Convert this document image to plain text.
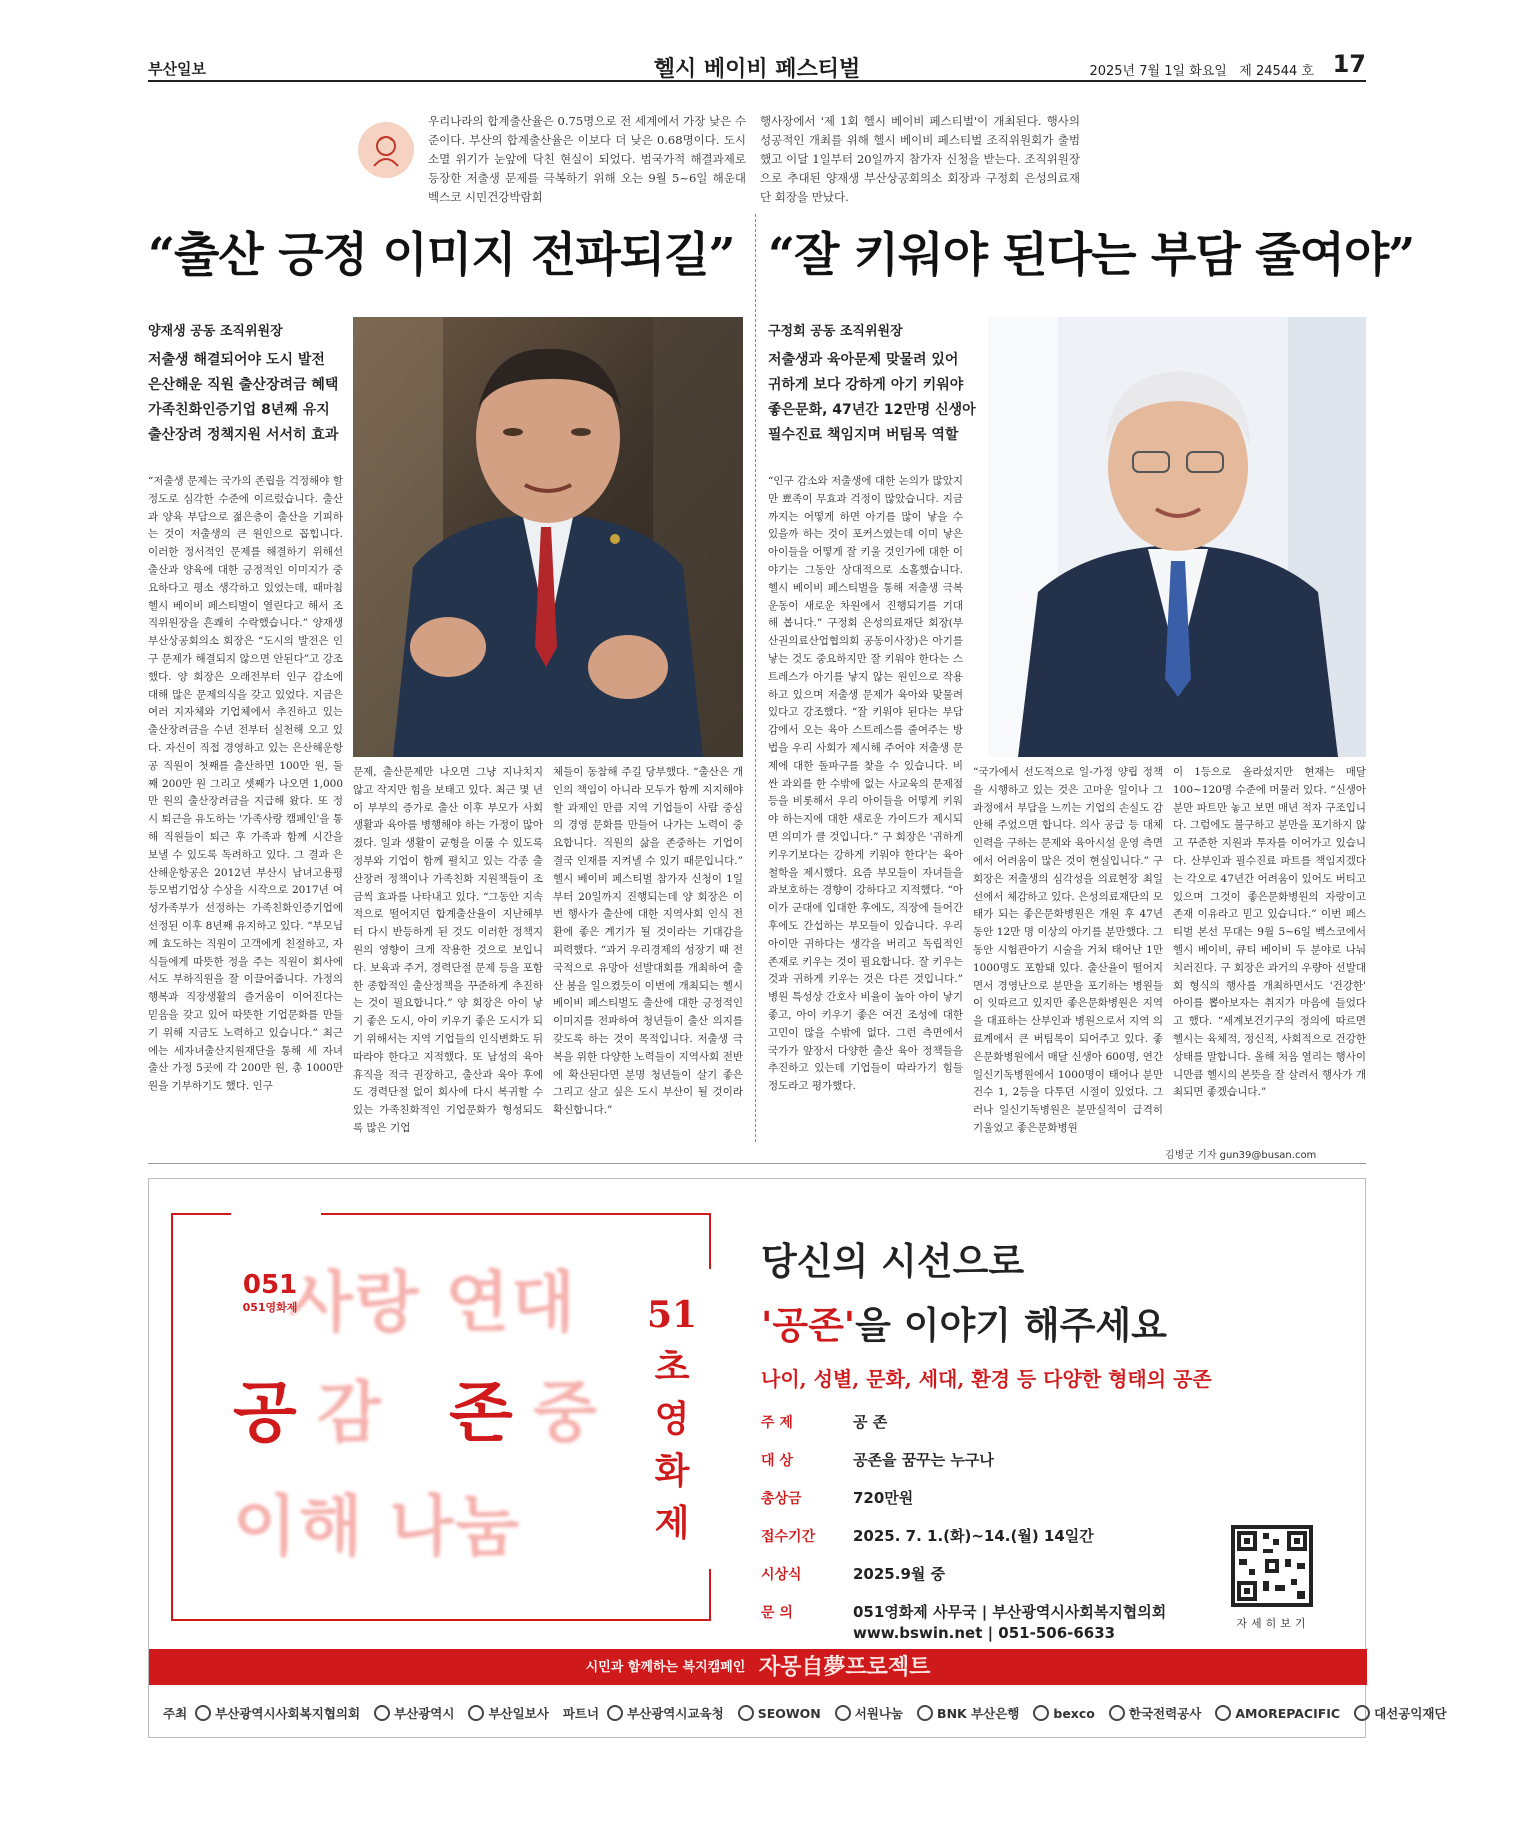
부산일보	헬시 베이비 페스티벌	2025년 7월 1일 화요일 제 24544 호 17
우리나라의 합계출산율은 0.75명으로 전 세계에서 가장 낮은 수준이다. 부산의 합계출산율은 이보다 더 낮은 0.68명이다. 도시 소멸 위기가 눈앞에 닥친 현실이 되었다. 범국가적 해결과제로 등장한 저출생 문제를 극복하기 위해 오는 9월 5~6일 해운대 벡스코 시민건강박람회
행사장에서 '제 1회 헬시 베이비 페스티벌'이 개최된다. 행사의 성공적인 개최를 위해 헬시 베이비 페스티벌 조직위원회가 출범했고 이달 1일부터 20일까지 참가자 신청을 받는다. 조직위원장으로 추대된 양재생 부산상공회의소 회장과 구정회 은성의료재단 회장을 만났다.
“출산 긍정 이미지 전파되길”
양재생 공동 조직위원장
저출생 해결되어야 도시 발전
은산해운 직원 출산장려금 혜택
가족친화인증기업 8년째 유지
출산장려 정책지원 서서히 효과
“저출생 문제는 국가의 존립을 걱정해야 할 정도로 심각한 수준에 이르렀습니다. 출산과 양육 부담으로 젊은층이 출산을 기피하는 것이 저출생의 큰 원인으로 꼽힙니다. 이러한 정서적인 문제를 해결하기 위해선 출산과 양육에 대한 긍정적인 이미지가 중요하다고 평소 생각하고 있었는데, 때마침 헬시 베이비 페스티벌이 열린다고 해서 조직위원장을 흔쾌히 수락했습니다.” 양재생 부산상공회의소 회장은 “도시의 발전은 인구 문제가 해결되지 않으면 안된다”고 강조했다. 양 회장은 오래전부터 인구 감소에 대해 많은 문제의식을 갖고 있었다. 지금은 여러 지자체와 기업체에서 추진하고 있는 출산장려금을 수년 전부터 실천해 오고 있다. 자신이 직접 경영하고 있는 은산해운항공 직원이 첫째를 출산하면 100만 원, 둘째 200만 원 그리고 셋째가 나오면 1,000만 원의 출산장려금을 지급해 왔다. 또 정시 퇴근을 유도하는 '가족사랑 캠페인'을 통해 직원들이 퇴근 후 가족과 함께 시간을 보낼 수 있도록 독려하고 있다. 그 결과 은산해운항공은 2012년 부산시 남녀고용평등모범기업상 수상을 시작으로 2017년 여성가족부가 선정하는 가족친화인증기업에 선정된 이후 8년째 유지하고 있다. “부모님께 효도하는 직원이 고객에게 친절하고, 자식들에게 따뜻한 정을 주는 직원이 회사에서도 부하직원을 잘 이끌어줍니다. 가정의 행복과 직장생활의 즐거움이 이어진다는 믿음을 갖고 있어 따뜻한 기업문화를 만들기 위해 지금도 노력하고 있습니다.” 최근에는 세자녀출산지원재단을 통해 세 자녀 출산 가정 5곳에 각 200만 원, 총 1000만 원을 기부하기도 했다. 인구
문제, 출산문제만 나오면 그냥 지나치지 않고 작지만 힘을 보태고 있다. 최근 몇 년이 부부의 증가로 출산 이후 부모가 사회생활과 육아를 병행해야 하는 가정이 많아졌다. 일과 생활이 균형을 이룰 수 있도록 정부와 기업이 함께 펼치고 있는 각종 출산장려 정책이나 가족친화 지원책들이 조금씩 효과를 나타내고 있다. “그동안 지속적으로 떨어지던 합계출산율이 지난해부터 다시 반등하게 된 것도 이러한 정책지원의 영향이 크게 작용한 것으로 보입니다. 보육과 주거, 경력단절 문제 등을 포함한 종합적인 출산정책을 꾸준하게 추진하는 것이 필요합니다.” 양 회장은 아이 낳기 좋은 도시, 아이 키우기 좋은 도시가 되기 위해서는 지역 기업들의 인식변화도 뒤따라야 한다고 지적했다. 또 남성의 육아휴직을 적극 권장하고, 출산과 육아 후에도 경력단절 없이 회사에 다시 복귀할 수 있는 가족친화적인 기업문화가 형성되도록 많은 기업
체들이 동참해 주길 당부했다. “출산은 개인의 책임이 아니라 모두가 함께 지지해야 할 과제인 만큼 지역 기업들이 사람 중심의 경영 문화를 만들어 나가는 노력이 중요합니다. 직원의 삶을 존중하는 기업이 결국 인재를 지켜낼 수 있기 때문입니다.” 헬시 베이비 페스티벌 참가자 신청이 1일부터 20일까지 진행되는데 양 회장은 이번 행사가 출산에 대한 지역사회 인식 전환에 좋은 계기가 될 것이라는 기대감을 피력했다. “과거 우리경제의 성장기 때 전국적으로 유망아 선발대회를 개최하여 출산 붐을 일으켰듯이 이번에 개최되는 헬시 베이비 페스티벌도 출산에 대한 긍정적인 이미지를 전파하여 청년들이 출산 의지를 갖도록 하는 것이 목적입니다. 저출생 극복을 위한 다양한 노력들이 지역사회 전반에 확산된다면 분명 청년들이 살기 좋은 그리고 살고 싶은 도시 부산이 될 것이라 확신합니다.”
“잘 키워야 된다는 부담 줄여야”
구정회 공동 조직위원장
저출생과 육아문제 맞물려 있어
귀하게 보다 강하게 아기 키워야
좋은문화, 47년간 12만명 신생아
필수진료 책임지며 버팀목 역할
“인구 감소와 저출생에 대한 논의가 많았지만 뾰족이 무효과 걱정이 많았습니다. 지금까지는 어떻게 하면 아기를 많이 낳을 수 있을까 하는 것이 포커스였는데 이미 낳은 아이들을 어떻게 잘 키울 것인가에 대한 이야기는 그동안 상대적으로 소홀했습니다. 헬시 베이비 페스티벌을 통해 저출생 극복운동이 새로운 차원에서 진행되기를 기대해 봅니다.” 구정회 은성의료재단 회장(부산권의료산업협의회 공동이사장)은 아기를 낳는 것도 중요하지만 잘 키워야 한다는 스트레스가 아기를 낳지 않는 원인으로 작용하고 있으며 저출생 문제가 육아와 맞물려 있다고 강조했다. “잘 키워야 된다는 부담감에서 오는 육아 스트레스를 줄여주는 방법을 우리 사회가 제시해 주어야 저출생 문제에 대한 돌파구를 찾을 수 있습니다. 비싼 과외를 한 수밖에 없는 사교육의 문제점 등을 비롯해서 우리 아이들을 어떻게 키워야 하는지에 대한 새로운 가이드가 제시되면 의미가 클 것입니다.” 구 회장은 '귀하게 키우기보다는 강하게 키워야 한다'는 육아 철학을 제시했다. 요즘 부모들이 자녀들을 과보호하는 경향이 강하다고 지적했다. “아이가 군대에 입대한 후에도, 직장에 들어간 후에도 간섭하는 부모들이 있습니다. 우리 아이만 귀하다는 생각을 버리고 독립적인 존재로 키우는 것이 필요합니다. 잘 키우는 것과 귀하게 키우는 것은 다른 것입니다.” 병원 특성상 간호사 비율이 높아 아이 낳기 좋고, 아이 키우기 좋은 여건 조성에 대한 고민이 많을 수밖에 없다. 그런 측면에서 국가가 앞장서 다양한 출산 육아 정책들을 추진하고 있는데 기업들이 따라가기 힘들 정도라고 평가했다.
“국가에서 선도적으로 일-가정 양립 정책을 시행하고 있는 것은 고마운 일이나 그 과정에서 부담을 느끼는 기업의 손실도 감안해 주었으면 합니다. 의사 공급 등 대체인력을 구하는 문제와 육아시설 운영 측면에서 어려움이 많은 것이 현실입니다.” 구 회장은 저출생의 심각성을 의료현장 최일선에서 체감하고 있다. 은성의료재단의 모태가 되는 좋은문화병원은 개원 후 47년 동안 12만 명 이상의 아기를 분만했다. 그동안 시험관아기 시술을 거쳐 태어난 1만 1000명도 포함돼 있다. 출산율이 떨어지면서 경영난으로 분만을 포기하는 병원들이 잇따르고 있지만 좋은문화병원은 지역을 대표하는 산부인과 병원으로서 지역 의료계에서 큰 버팀목이 되어주고 있다. 좋은문화병원에서 매달 신생아 600명, 연간 일신기독병원에서 1000명이 태어나 분만건수 1, 2등을 다투던 시절이 있었다. 그러나 일신기독병원은 분만실적이 급격히 기울었고 좋은문화병원
이 1등으로 올라섰지만 현재는 매달 100~120명 수준에 머물러 있다. “신생아 분만 파트만 놓고 보면 매년 적자 구조입니다. 그럼에도 불구하고 분만을 포기하지 않고 꾸준한 지원과 투자를 이어가고 있습니다. 산부인과 필수진료 파트를 책임지겠다는 각오로 47년간 어려움이 있어도 버티고 있으며 그것이 좋은문화병원의 자랑이고 존재 이유라고 믿고 있습니다.” 이번 페스티벌 본선 무대는 9월 5~6일 벡스코에서 헬시 베이비, 큐티 베이비 두 분야로 나눠 치러진다. 구 회장은 과거의 우량아 선발대회 형식의 행사를 개최하면서도 '건강한' 아이를 뽑아보자는 취지가 마음에 들었다고 했다. “세계보건기구의 정의에 따르면 헬시는 육체적, 정신적, 사회적으로 건강한 상태를 말합니다. 올해 처음 열리는 행사이니만큼 헬시의 본뜻을 잘 살려서 행사가 개최되면 좋겠습니다.”
김병군 기자 gun39@busan.com
사랑 연대
051
051영화제
공 감 존 중
이해 나눔
51초영화제
당신의 시선으로
'공존'을 이야기 해주세요
나이, 성별, 문화, 세대, 환경 등 다양한 형태의 공존
주 제	공 존
대 상	공존을 꿈꾸는 누구나
총상금	720만원
접수기간	2025. 7. 1.(화)~14.(월) 14일간
시상식	2025.9월 중
문 의	051영화제 사무국 | 부산광역시사회복지협의회
www.bswin.net | 051-506-6633
자세히보기
시민과 함께하는 복지캠페인 자몽自夢프로젝트
주최	부산광역시사회복지협의회	부산광역시	부산일보사 파트너	부산광역시교육청	SEOWON	서원나눔	BNK 부산은행	bexco	한국전력공사	AMOREPACIFIC	대선공익재단
